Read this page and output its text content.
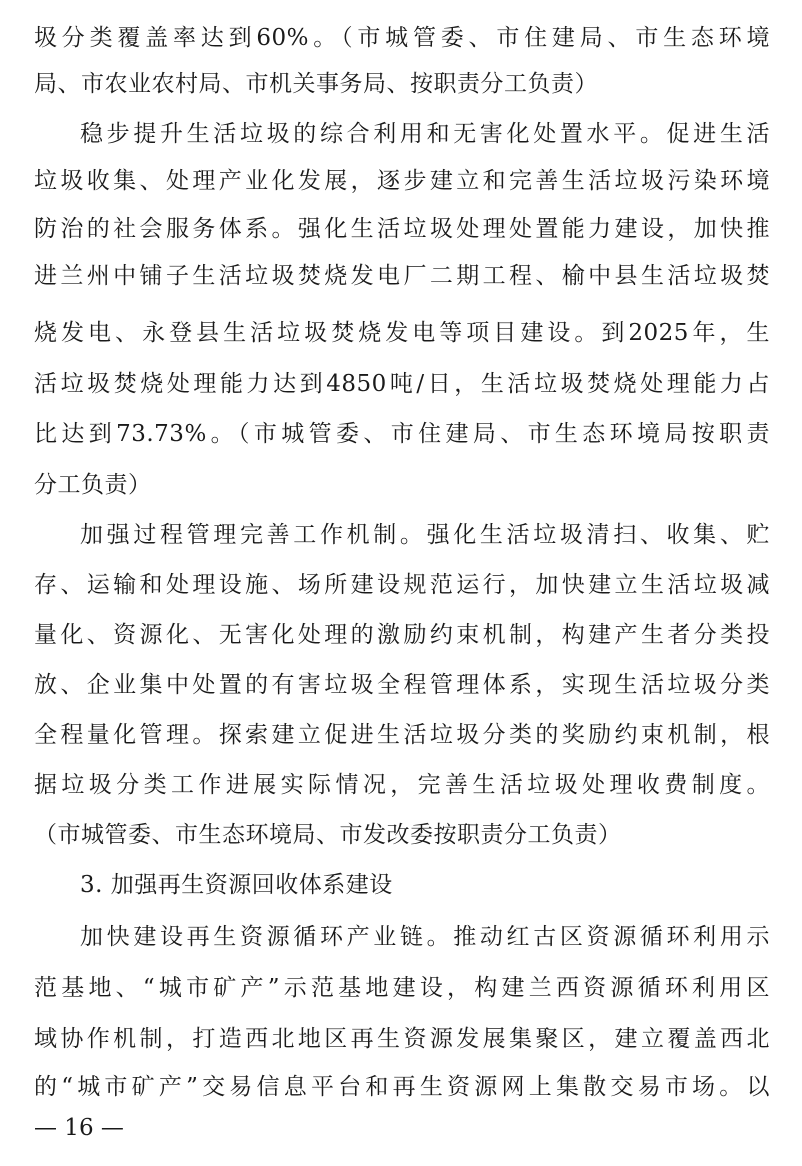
圾分类覆盖率达到60%。（市城管委、市住建局、市生态环境
局、市农业农村局、市机关事务局、按职责分工负责）
稳步提升生活垃圾的综合利用和无害化处置水平。促进生活
垃圾收集、处理产业化发展，逐步建立和完善生活垃圾污染环境
防治的社会服务体系。强化生活垃圾处理处置能力建设，加快推
进兰州中铺子生活垃圾焚烧发电厂二期工程、榆中县生活垃圾焚
烧发电、永登县生活垃圾焚烧发电等项目建设。到2025年，生
活垃圾焚烧处理能力达到4850吨/日，生活垃圾焚烧处理能力占
比达到73.73%。（市城管委、市住建局、市生态环境局按职责
分工负责）
加强过程管理完善工作机制。强化生活垃圾清扫、收集、贮
存、运输和处理设施、场所建设规范运行，加快建立生活垃圾减
量化、资源化、无害化处理的激励约束机制，构建产生者分类投
放、企业集中处置的有害垃圾全程管理体系，实现生活垃圾分类
全程量化管理。探索建立促进生活垃圾分类的奖励约束机制，根
据垃圾分类工作进展实际情况，完善生活垃圾处理收费制度。
（市城管委、市生态环境局、市发改委按职责分工负责）
3. 加强再生资源回收体系建设
加快建设再生资源循环产业链。推动红古区资源循环利用示
范基地、“城市矿产”示范基地建设，构建兰西资源循环利用区
域协作机制，打造西北地区再生资源发展集聚区，建立覆盖西北
的“城市矿产”交易信息平台和再生资源网上集散交易市场。以
— 16 —
